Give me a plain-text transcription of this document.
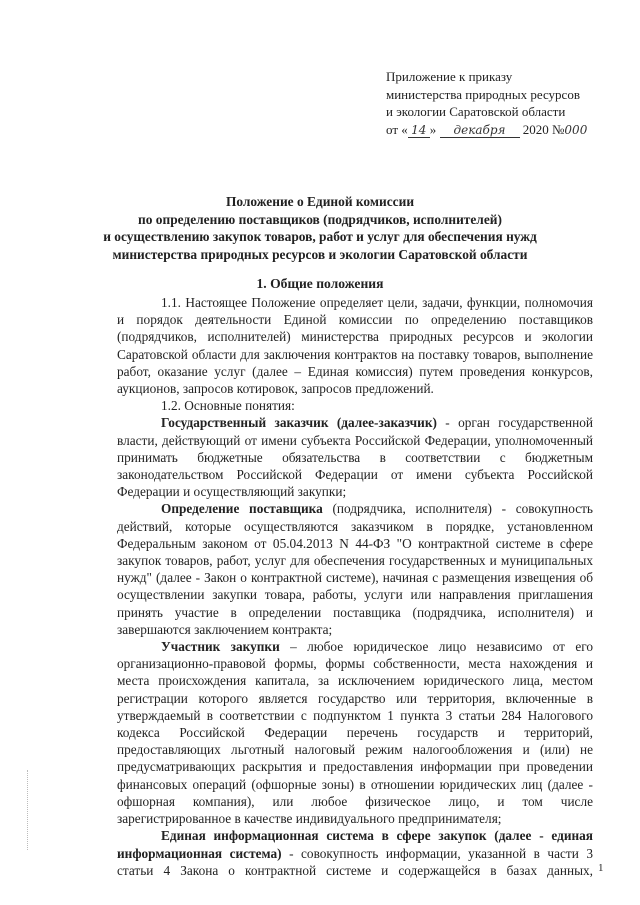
Приложение к приказу
министерства природных ресурсов
и экологии Саратовской области
от « 14 » декабря 2020 №000
Положение о Единой комиссии
по определению поставщиков (подрядчиков, исполнителей)
и осуществлению закупок товаров, работ и услуг для обеспечения нужд
министерства природных ресурсов и экологии Саратовской области
1. Общие положения

1.1. Настоящее Положение определяет цели, задачи, функции, полномочия и порядок деятельности Единой комиссии по определению поставщиков (подрядчиков, исполнителей) министерства природных ресурсов и экологии Саратовской области для заключения контрактов на поставку товаров, выполнение работ, оказание услуг (далее – Единая комиссия) путем проведения конкурсов, аукционов, запросов котировок, запросов предложений.

1.2. Основные понятия:

Государственный заказчик (далее-заказчик) - орган государственной власти, действующий от имени субъекта Российской Федерации, уполномоченный принимать бюджетные обязательства в соответствии с бюджетным законодательством Российской Федерации от имени субъекта Российской Федерации и осуществляющий закупки;

Определение поставщика (подрядчика, исполнителя) - совокупность действий, которые осуществляются заказчиком в порядке, установленном Федеральным законом от 05.04.2013 N 44-ФЗ "О контрактной системе в сфере закупок товаров, работ, услуг для обеспечения государственных и муниципальных нужд" (далее - Закон о контрактной системе), начиная с размещения извещения об осуществлении закупки товара, работы, услуги или направления приглашения принять участие в определении поставщика (подрядчика, исполнителя) и завершаются заключением контракта;

Участник закупки – любое юридическое лицо независимо от его организационно-правовой формы, формы собственности, места нахождения и места происхождения капитала, за исключением юридического лица, местом регистрации которого является государство или территория, включенные в утверждаемый в соответствии с подпунктом 1 пункта 3 статьи 284 Налогового кодекса Российской Федерации перечень государств и территорий, предоставляющих льготный налоговый режим налогообложения и (или) не предусматривающих раскрытия и предоставления информации при проведении финансовых операций (офшорные зоны) в отношении юридических лиц (далее - офшорная компания), или любое физическое лицо, и том числе зарегистрированное в качестве индивидуального предпринимателя;

Единая информационная система в сфере закупок (далее - единая информационная система) - совокупность информации, указанной в части 3 статьи 4 Закона о контрактной системе и содержащейся в базах данных, 1
